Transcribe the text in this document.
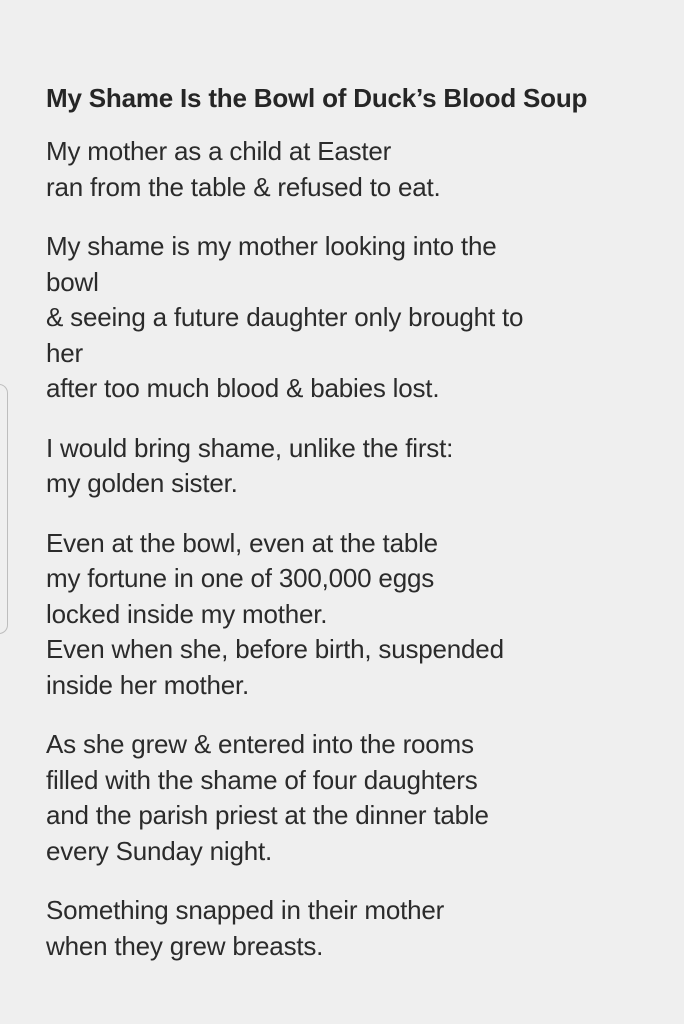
My Shame Is the Bowl of Duck’s Blood Soup
My mother as a child at Easter
ran from the table & refused to eat.
My shame is my mother looking into the
bowl
& seeing a future daughter only brought to
her
after too much blood & babies lost.
I would bring shame, unlike the first:
my golden sister.
Even at the bowl, even at the table
my fortune in one of 300,000 eggs
locked inside my mother.
Even when she, before birth, suspended
inside her mother.
As she grew & entered into the rooms
filled with the shame of four daughters
and the parish priest at the dinner table
every Sunday night.
Something snapped in their mother
when they grew breasts.
